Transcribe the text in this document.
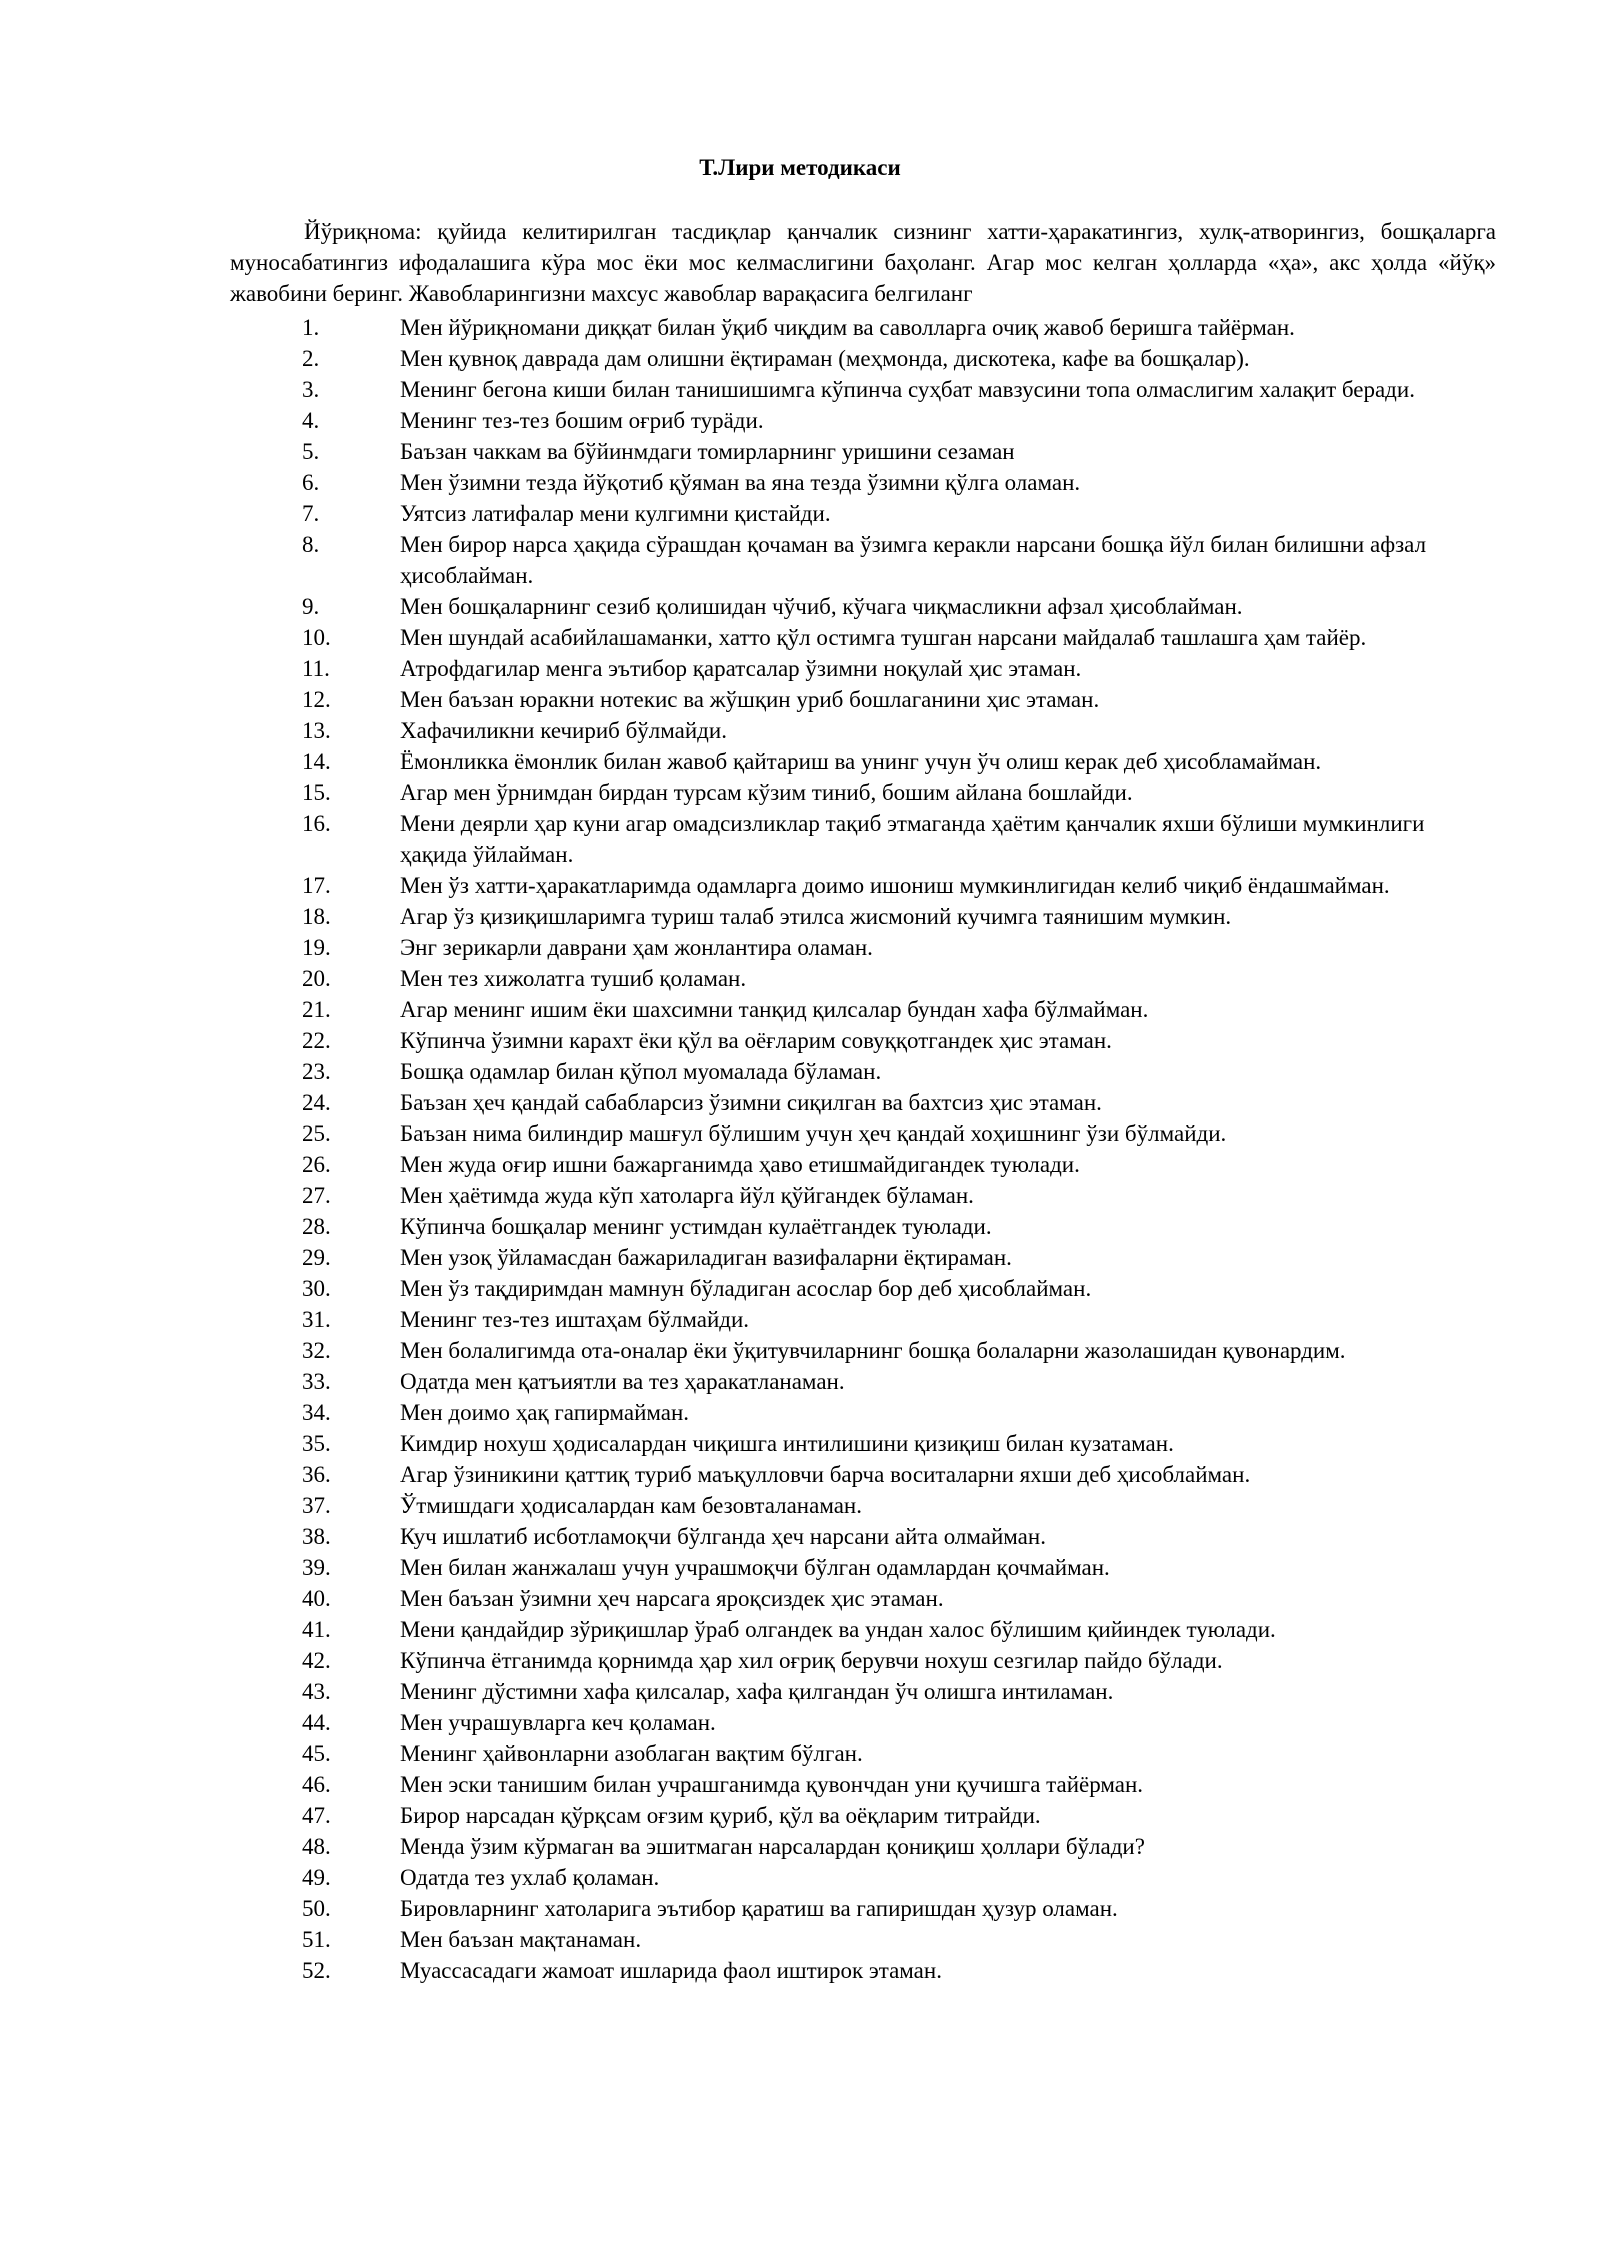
Т.Лири методикаси

Йўриқнома: қуйида келитирилган тасдиқлар қанчалик сизнинг хатти-ҳаракатингиз, хулқ-атворингиз, бошқаларга муносабатингиз ифодалашига кўра мос ёки мос келмаслигини баҳоланг. Агар мос келган ҳолларда «ҳа», акс ҳолда «йўқ» жавобини беринг. Жавобларингизни махсус жавоблар варақасига белгиланг

1.	Мен йўриқномани диққат билан ўқиб чиқдим ва саволларга очиқ жавоб беришга тайёрман.
2.	Мен қувноқ даврада дам олишни ёқтираман (меҳмонда, дискотека, кафе ва бошқалар).
3.	Менинг бегона киши билан танишишимга кўпинча суҳбат мавзусини топа олмаслигим халақит беради.
4.	Менинг тез-тез бошим оғриб турäди.
5.	Баъзан чаккам ва бўйинмдаги томирларнинг уришини сезаман
6.	Мен ўзимни тезда йўқотиб қўяман ва яна тезда ўзимни қўлга оламан.
7.	Уятсиз латифалар мени кулгимни қистайди.
8.	Мен бирор нарса ҳақида сўрашдан қочаман ва ўзимга керакли нарсани бошқа йўл билан билишни афзал ҳисоблайман.
9.	Мен бошқаларнинг сезиб қолишидан чўчиб, кўчага чиқмасликни афзал ҳисоблайман.
10.	Мен шундай асабийлашаманки, хатто қўл остимга тушган нарсани майдалаб ташлашга ҳам тайёр.
11.	Атрофдагилар менга эътибор қаратсалар ўзимни ноқулай ҳис этаман.
12.	Мен баъзан юракни нотекис ва жўшқин уриб бошлаганини ҳис этаман.
13.	Хафачиликни кечириб бўлмайди.
14.	Ёмонликка ёмонлик билан жавоб қайтариш ва унинг учун ўч олиш керак деб ҳисобламайман.
15.	Агар мен ўрнимдан бирдан турсам кўзим тиниб, бошим айлана бошлайди.
16.	Мени деярли ҳар куни агар омадсизликлар тақиб этмаганда ҳаётим қанчалик яхши бўлиши мумкинлиги ҳақида ўйлайман.
17.	Мен ўз хатти-ҳаракатларимда одамларга доимо ишониш мумкинлигидан келиб чиқиб ёндашмайман.
18.	Агар ўз қизиқишларимга туриш талаб этилса жисмоний кучимга таянишим мумкин.
19.	Энг зерикарли даврани ҳам жонлантира оламан.
20.	Мен тез хижолатга тушиб қоламан.
21.	Агар менинг ишим ёки шахсимни танқид қилсалар бундан хафа бўлмайман.
22.	Кўпинча ўзимни карахт ёки қўл ва оёғларим совуққотгандек ҳис этаман.
23.	Бошқа одамлар билан қўпол муомалада бўламан.
24.	Баъзан ҳеч қандай сабабларсиз ўзимни сиқилган ва бахтсиз ҳис этаман.
25.	Баъзан нима билиндир машғул бўлишим учун ҳеч қандай хоҳишнинг ўзи бўлмайди.
26.	Мен жуда оғир ишни бажарганимда ҳаво етишмайдигандек туюлади.
27.	Мен ҳаётимда жуда кўп хатоларга йўл қўйгандек бўламан.
28.	Кўпинча бошқалар менинг устимдан кулаётгандек туюлади.
29.	Мен узоқ ўйламасдан бажариладиган вазифаларни ёқтираман.
30.	Мен ўз тақдиримдан мамнун бўладиган асослар бор деб ҳисоблайман.
31.	Менинг тез-тез иштаҳам бўлмайди.
32.	Мен болалигимда ота-оналар ёки ўқитувчиларнинг бошқа болаларни жазолашидан қувонардим.
33.	Одатда мен қатъиятли ва тез ҳаракатланаман.
34.	Мен доимо ҳақ гапирмайман.
35.	Кимдир нохуш ҳодисалардан чиқишга интилишини қизиқиш билан кузатаман.
36.	Агар ўзиникини қаттиқ туриб маъқулловчи барча воситаларни яхши деб ҳисоблайман.
37.	Ўтмишдаги ҳодисалардан кам безовталанаман.
38.	Куч ишлатиб исботламоқчи бўлганда ҳеч нарсани айта олмайман.
39.	Мен билан жанжалаш учун учрашмоқчи бўлган одамлардан қочмайман.
40.	Мен баъзан ўзимни ҳеч нарсага яроқсиздек ҳис этаман.
41.	Мени қандайдир зўриқишлар ўраб олгандек ва ундан халос бўлишим қийиндек туюлади.
42.	Кўпинча ётганимда қорнимда ҳар хил оғриқ берувчи нохуш сезгилар пайдо бўлади.
43.	Менинг дўстимни хафа қилсалар, хафа қилгандан ўч олишга интиламан.
44.	Мен учрашувларга кеч қоламан.
45.	Менинг ҳайвонларни азоблаган вақтим бўлган.
46.	Мен эски танишим билан учрашганимда қувончдан уни қучишга тайёрман.
47.	Бирор нарсадан қўрқсам оғзим қуриб, қўл ва оёқларим титрайди.
48.	Менда ўзим кўрмаган ва эшитмаган нарсалардан қониқиш ҳоллари бўлади?
49.	Одатда тез ухлаб қоламан.
50.	Бировларнинг хатоларига эътибор қаратиш ва гапиришдан ҳузур оламан.
51.	Мен баъзан мақтанаман.
52.	Муассасадаги жамоат ишларида фаол иштирок этаман.
